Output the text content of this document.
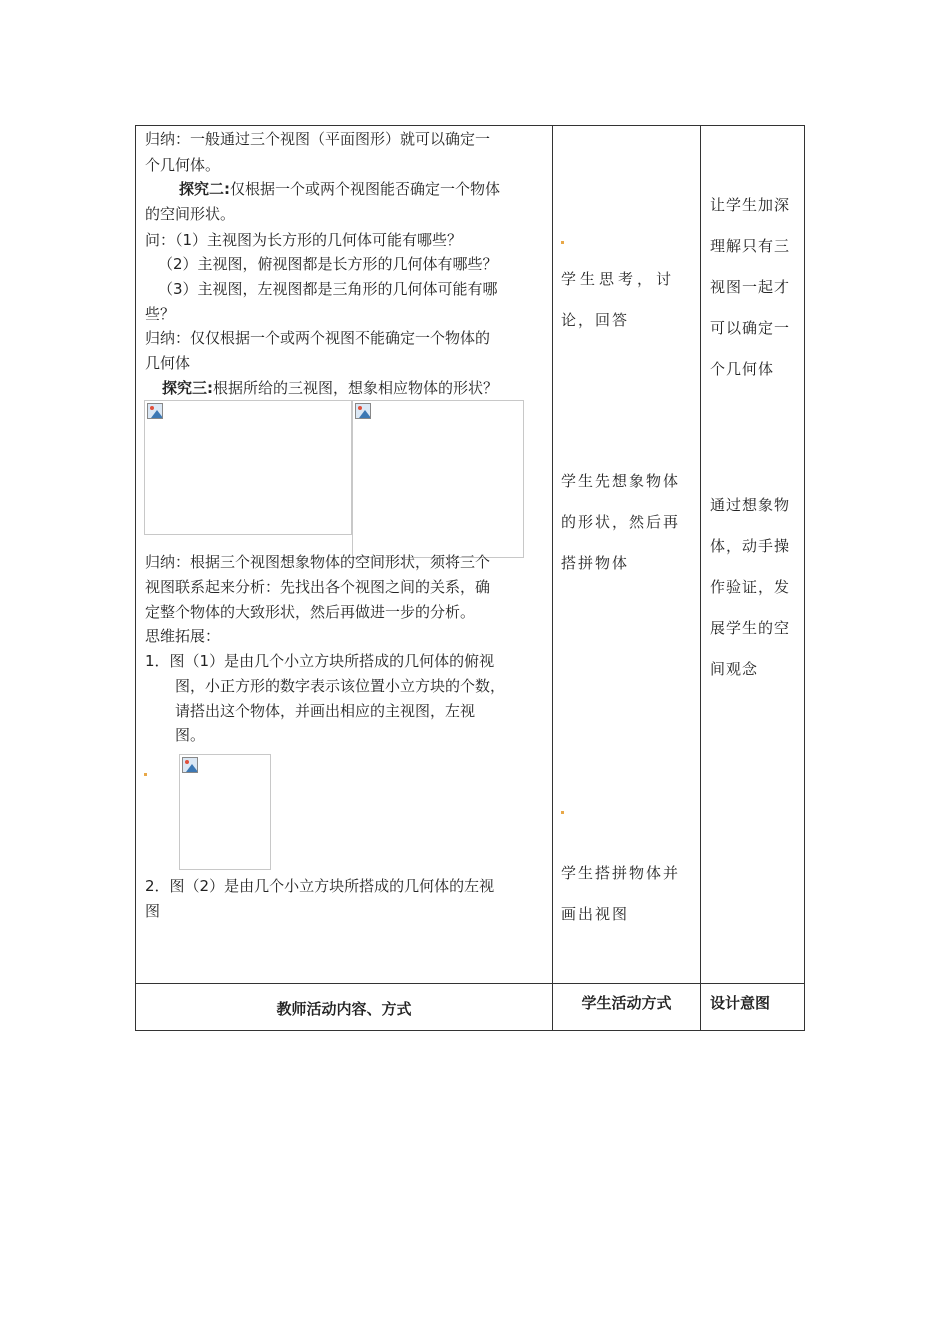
归纳：一般通过三个视图（平面图形）就可以确定一
个几何体。
探究二:仅根据一个或两个视图能否确定一个物体
的空间形状。
问：（1）主视图为长方形的几何体可能有哪些？
（2）主视图，俯视图都是长方形的几何体有哪些？
（3）主视图，左视图都是三角形的几何体可能有哪
些？
归纳：仅仅根据一个或两个视图不能确定一个物体的
几何体
探究三:根据所给的三视图，想象相应物体的形状？
归纳：根据三个视图想象物体的空间形状，须将三个
视图联系起来分析：先找出各个视图之间的关系，确
定整个物体的大致形状，然后再做进一步的分析。
思维拓展：
1．图（1）是由几个小立方块所搭成的几何体的俯视
图，小正方形的数字表示该位置小立方块的个数，
请搭出这个物体，并画出相应的主视图，左视
图。
2．图（2）是由几个小立方块所搭成的几何体的左视
图
学生思考，讨
论，回答
学生先想象物体
的形状，然后再
搭拼物体
学生搭拼物体并
画出视图
让学生加深
理解只有三
视图一起才
可以确定一
个几何体
通过想象物
体，动手操
作验证，发
展学生的空
间观念
教师活动内容、方式	学生活动方式	设计意图
